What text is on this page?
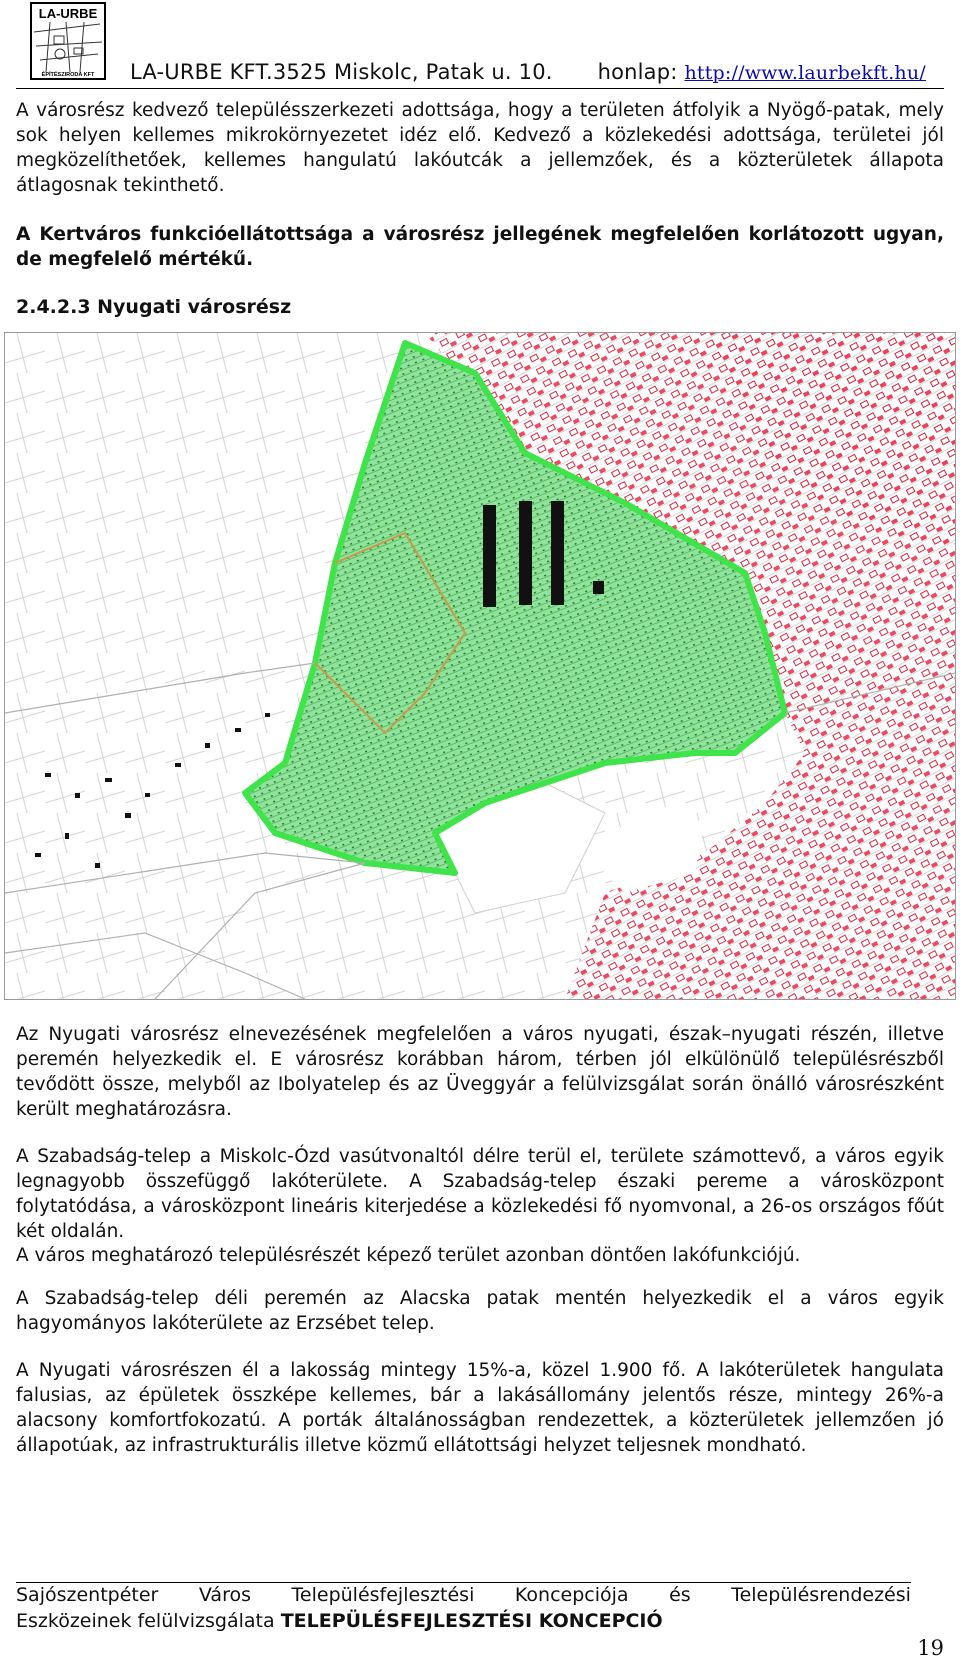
LA-URBE
ÉPÍTÉSZIRODA KFT LA-URBE KFT.3525 Miskolc, Patak u. 10. honlap: http://www.laurbekft.hu/

A városrész kedvező településszerkezeti adottsága, hogy a területen átfolyik a Nyögő-patak, mely sok helyen kellemes mikrokörnyezetet idéz elő. Kedvező a közlekedési adottsága, területei jól megközelíthetőek, kellemes hangulatú lakóutcák a jellemzőek, és a közterületek állapota átlagosnak tekinthető.

A Kertváros funkcióellátottsága a városrész jellegének megfelelően korlátozott ugyan, de megfelelő mértékű.

2.4.2.3 Nyugati városrész

Az Nyugati városrész elnevezésének megfelelően a város nyugati, észak–nyugati részén, illetve peremén helyezkedik el. E városrész korábban három, térben jól elkülönülő településrészből tevődött össze, melyből az Ibolyatelep és az Üveggyár a felülvizsgálat során önálló városrészként került meghatározásra.

A Szabadság-telep a Miskolc-Ózd vasútvonaltól délre terül el, területe számottevő, a város egyik legnagyobb összefüggő lakóterülete. A Szabadság-telep északi pereme a városközpont folytatódása, a városközpont lineáris kiterjedése a közlekedési fő nyomvonal, a 26-os országos főút két oldalán.

A város meghatározó településrészét képező terület azonban döntően lakófunkciójú.

A Szabadság-telep déli peremén az Alacska patak mentén helyezkedik el a város egyik hagyományos lakóterülete az Erzsébet telep.

A Nyugati városrészen él a lakosság mintegy 15%-a, közel 1.900 fő. A lakóterületek hangulata falusias, az épületek összképe kellemes, bár a lakásállomány jelentős része, mintegy 26%-a alacsony komfortfokozatú. A porták általánosságban rendezettek, a közterületek jellemzően jó állapotúak, az infrastrukturális illetve közmű ellátottsági helyzet teljesnek mondható.

Sajószentpéter Város Településfejlesztési Koncepciója és Településrendezési
Eszközeinek felülvizsgálata TELEPÜLÉSFEJLESZTÉSI KONCEPCIÓ
19
